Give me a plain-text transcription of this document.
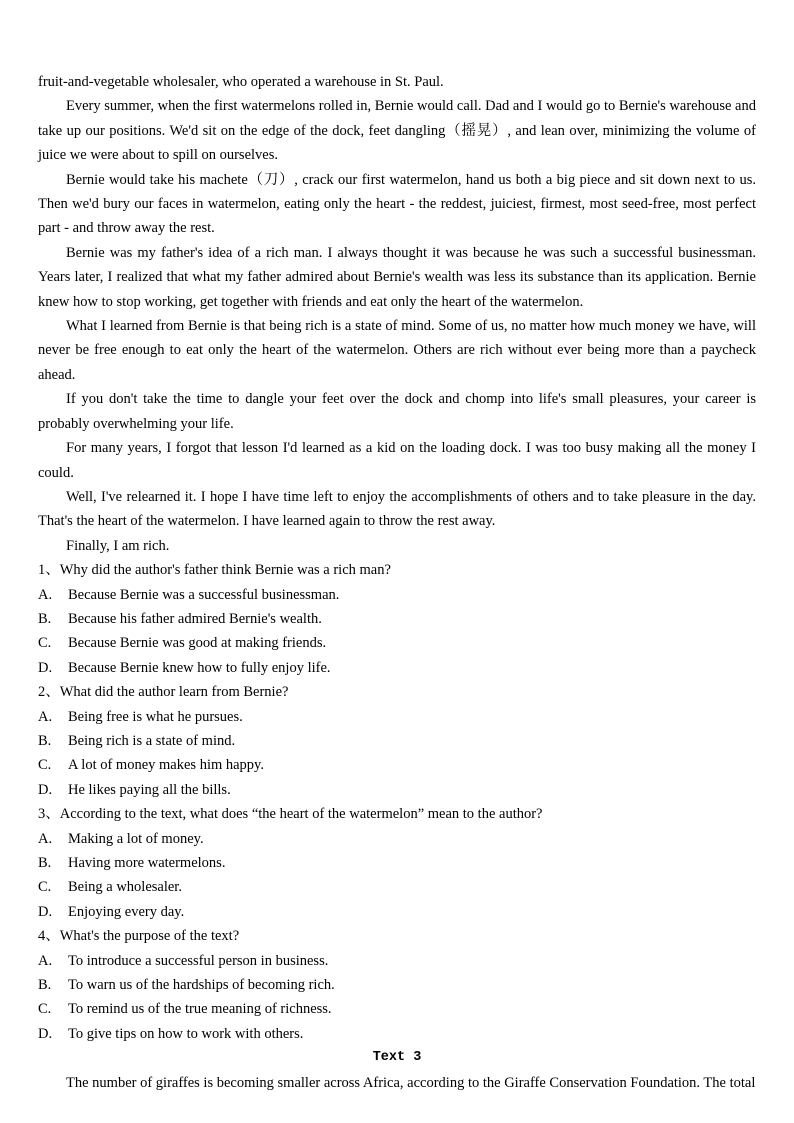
fruit-and-vegetable wholesaler, who operated a warehouse in St. Paul.

Every summer, when the first watermelons rolled in, Bernie would call. Dad and I would go to Bernie's warehouse and take up our positions. We'd sit on the edge of the dock, feet dangling（摇晃）, and lean over, minimizing the volume of juice we were about to spill on ourselves.

Bernie would take his machete（刀）, crack our first watermelon, hand us both a big piece and sit down next to us. Then we'd bury our faces in watermelon, eating only the heart - the reddest, juiciest, firmest, most seed-free, most perfect part - and throw away the rest.

Bernie was my father's idea of a rich man. I always thought it was because he was such a successful businessman. Years later, I realized that what my father admired about Bernie's wealth was less its substance than its application. Bernie knew how to stop working, get together with friends and eat only the heart of the watermelon.

What I learned from Bernie is that being rich is a state of mind. Some of us, no matter how much money we have, will never be free enough to eat only the heart of the watermelon. Others are rich without ever being more than a paycheck ahead.

If you don't take the time to dangle your feet over the dock and chomp into life's small pleasures, your career is probably overwhelming your life.

For many years, I forgot that lesson I'd learned as a kid on the loading dock. I was too busy making all the money I could.

Well, I've relearned it. I hope I have time left to enjoy the accomplishments of others and to take pleasure in the day. That's the heart of the watermelon. I have learned again to throw the rest away.

Finally, I am rich.

1、Why did the author's father think Bernie was a rich man?

A. Because Bernie was a successful businessman.

B. Because his father admired Bernie's wealth.

C. Because Bernie was good at making friends.

D. Because Bernie knew how to fully enjoy life.

2、What did the author learn from Bernie?

A. Being free is what he pursues.

B. Being rich is a state of mind.

C. A lot of money makes him happy.

D. He likes paying all the bills.

3、According to the text, what does “the heart of the watermelon” mean to the author?

A. Making a lot of money.

B. Having more watermelons.

C. Being a wholesaler.

D. Enjoying every day.

4、What's the purpose of the text?

A. To introduce a successful person in business.

B. To warn us of the hardships of becoming rich.

C. To remind us of the true meaning of richness.

D. To give tips on how to work with others.

Text 3

The number of giraffes is becoming smaller across Africa, according to the Giraffe Conservation Foundation. The total
